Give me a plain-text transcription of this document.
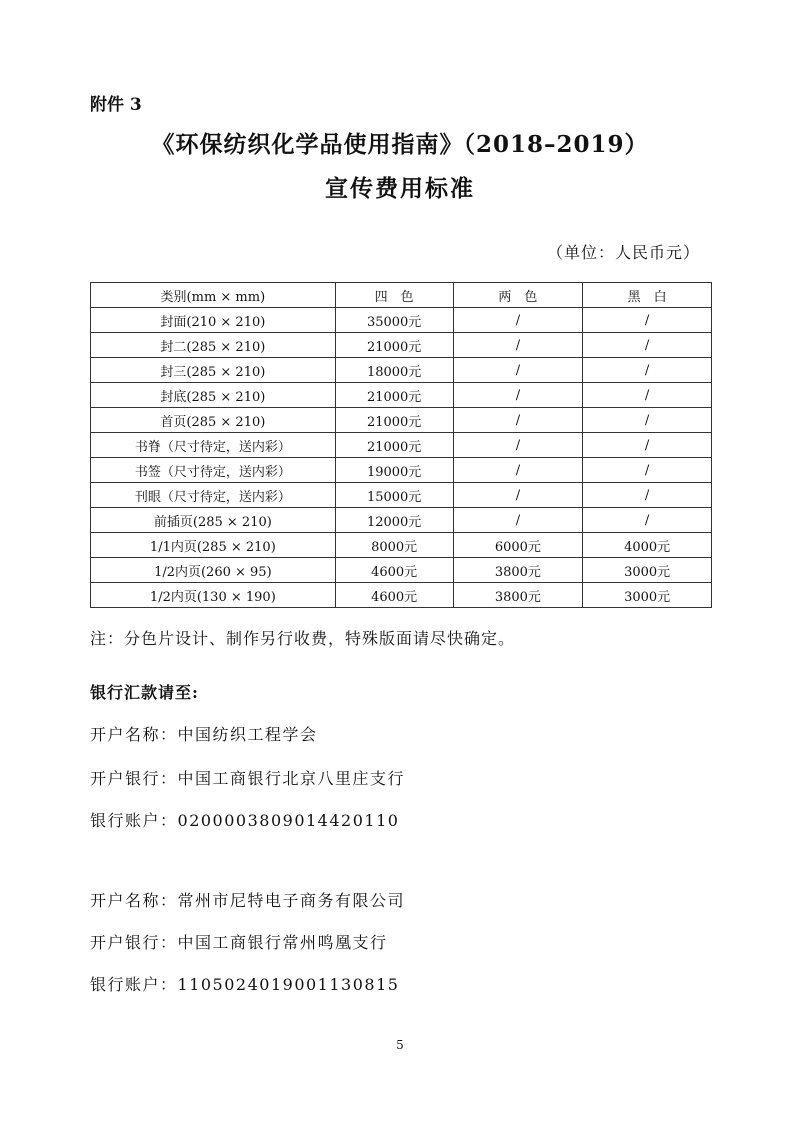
附件 3
《环保纺织化学品使用指南》（2018–2019）
宣传费用标准
（单位：人民币元）
类别(mm × mm)	四　色	两　色	黑　白
封面(210 × 210)	35000元	/	/
封二(285 × 210)	21000元	/	/
封三(285 × 210)	18000元	/	/
封底(285 × 210)	21000元	/	/
首页(285 × 210)	21000元	/	/
书脊（尺寸待定，送内彩）	21000元	/	/
书签（尺寸待定，送内彩）	19000元	/	/
刊眼（尺寸待定，送内彩）	15000元	/	/
前插页(285 × 210)	12000元	/	/
1/1内页(285 × 210)	8000元	6000元	4000元
1/2内页(260 × 95)	4600元	3800元	3000元
1/2内页(130 × 190)	4600元	3800元	3000元
注：分色片设计、制作另行收费，特殊版面请尽快确定。
银行汇款请至:
开户名称：中国纺织工程学会
开户银行：中国工商银行北京八里庄支行
银行账户：0200003809014420110
开户名称：常州市尼特电子商务有限公司
开户银行：中国工商银行常州鸣凰支行
银行账户：1105024019001130815
5
